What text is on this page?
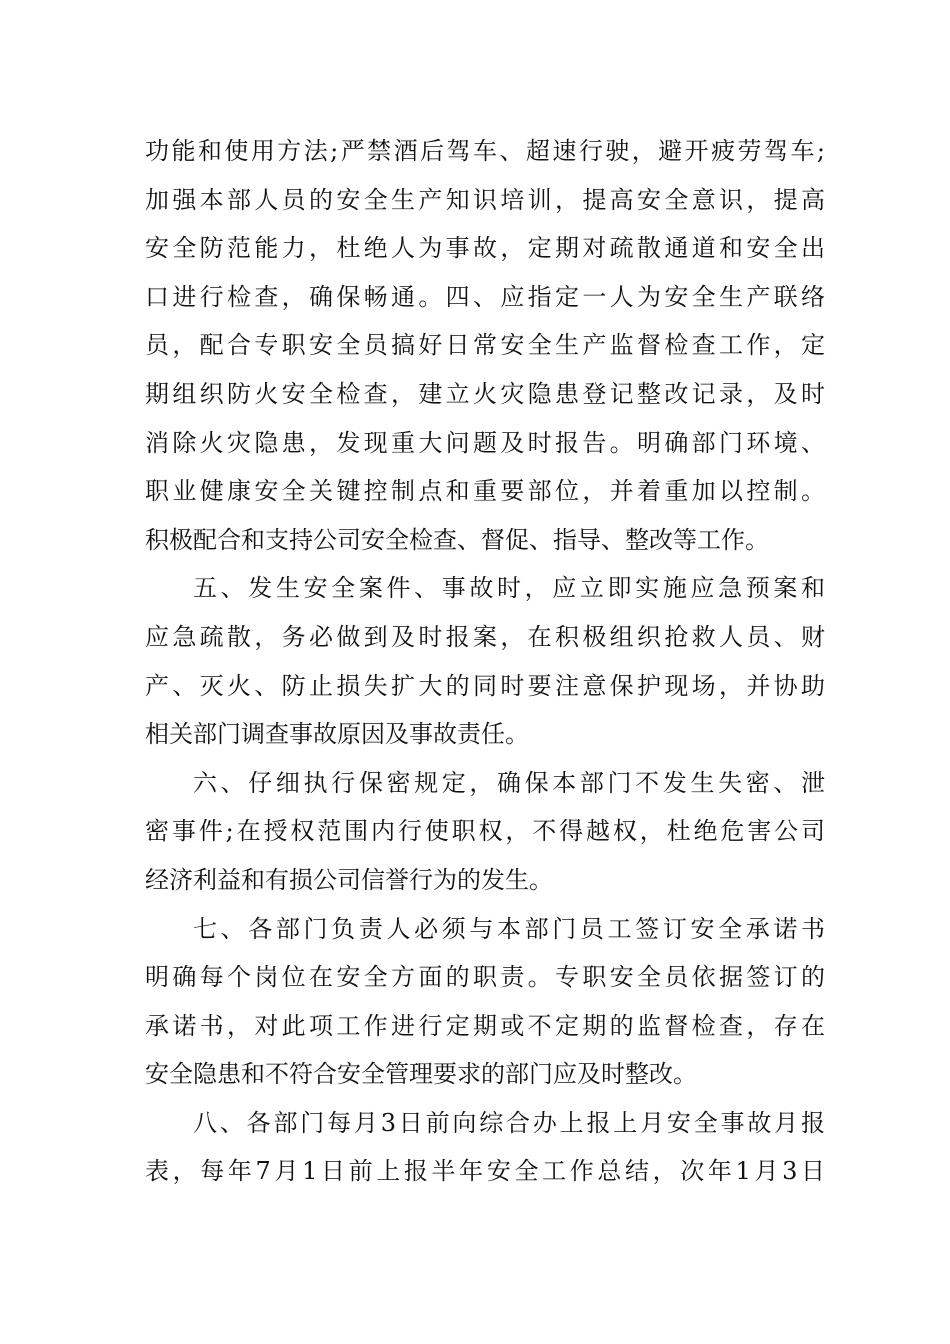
功能和使用方法;严禁酒后驾车、超速行驶，避开疲劳驾车;
加强本部人员的安全生产知识培训，提高安全意识，提高
安全防范能力，杜绝人为事故，定期对疏散通道和安全出
口进行检查，确保畅通。四、应指定一人为安全生产联络
员，配合专职安全员搞好日常安全生产监督检查工作，定
期组织防火安全检查，建立火灾隐患登记整改记录，及时
消除火灾隐患，发现重大问题及时报告。明确部门环境、
职业健康安全关键控制点和重要部位，并着重加以控制。
积极配合和支持公司安全检查、督促、指导、整改等工作。
五、发生安全案件、事故时，应立即实施应急预案和
应急疏散，务必做到及时报案，在积极组织抢救人员、财
产、灭火、防止损失扩大的同时要注意保护现场，并协助
相关部门调查事故原因及事故责任。
六、仔细执行保密规定，确保本部门不发生失密、泄
密事件;在授权范围内行使职权，不得越权，杜绝危害公司
经济利益和有损公司信誉行为的发生。
七、各部门负责人必须与本部门员工签订安全承诺书
明确每个岗位在安全方面的职责。专职安全员依据签订的
承诺书，对此项工作进行定期或不定期的监督检查，存在
安全隐患和不符合安全管理要求的部门应及时整改。
八、各部门每月3日前向综合办上报上月安全事故月报
表，每年7月1日前上报半年安全工作总结，次年1月3日
